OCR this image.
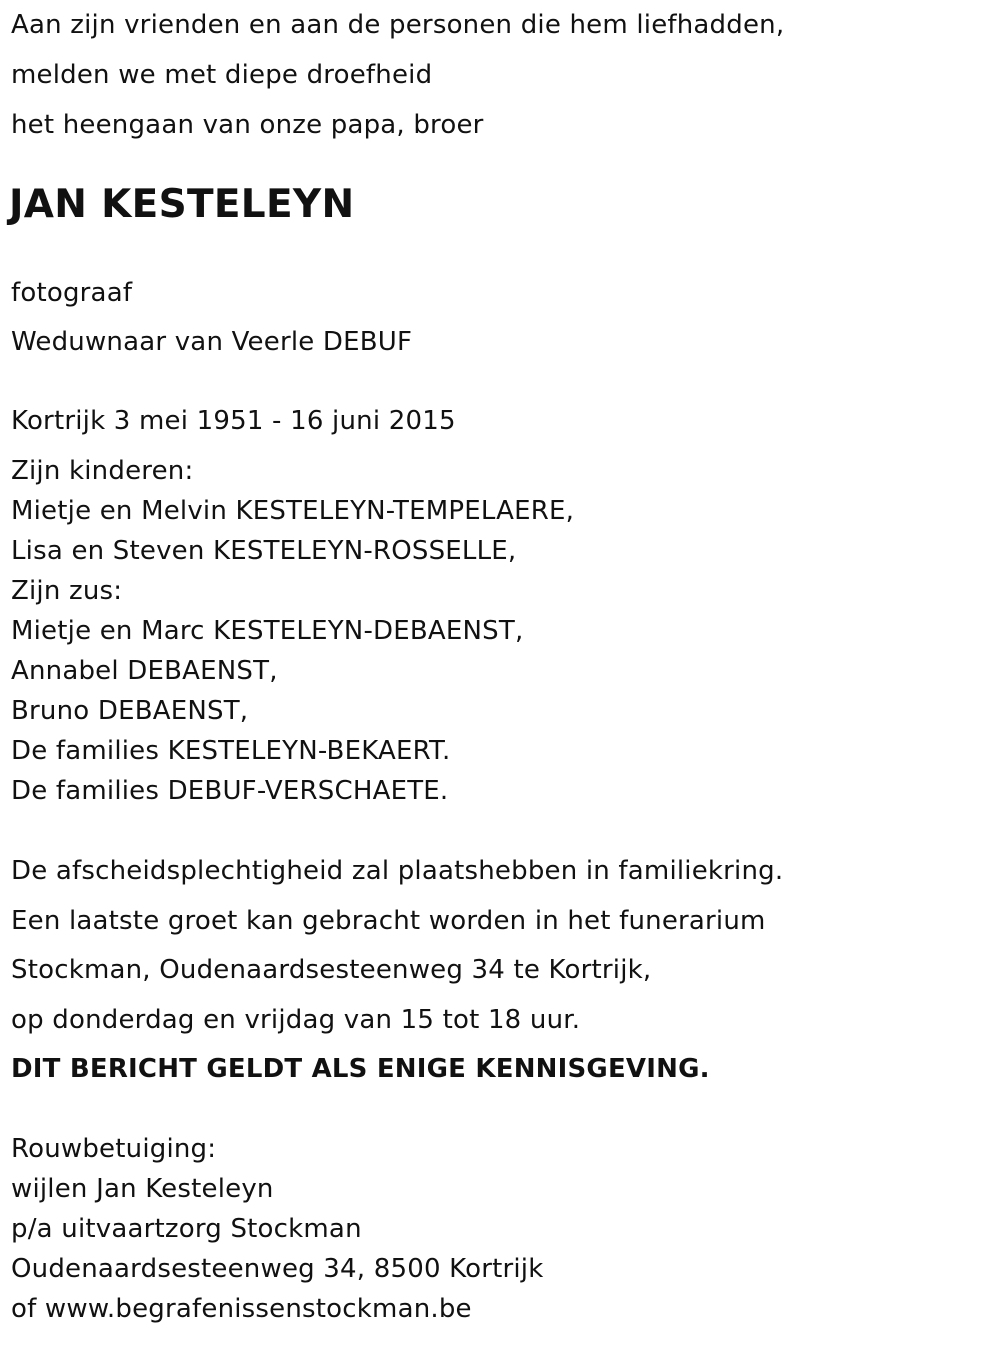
Aan zijn vrienden en aan de personen die hem liefhadden,
melden we met diepe droefheid
het heengaan van onze papa, broer
JAN KESTELEYN
fotograaf
Weduwnaar van Veerle DEBUF
Kortrijk 3 mei 1951 - 16 juni 2015
Zijn kinderen:
Mietje en Melvin KESTELEYN-TEMPELAERE,
Lisa en Steven KESTELEYN-ROSSELLE,
Zijn zus:
Mietje en Marc KESTELEYN-DEBAENST,
Annabel DEBAENST,
Bruno DEBAENST,
De families KESTELEYN-BEKAERT.
De families DEBUF-VERSCHAETE.
De afscheidsplechtigheid zal plaatshebben in familiekring.
Een laatste groet kan gebracht worden in het funerarium
Stockman, Oudenaardsesteenweg 34 te Kortrijk,
op donderdag en vrijdag van 15 tot 18 uur.
DIT BERICHT GELDT ALS ENIGE KENNISGEVING.
Rouwbetuiging:
wijlen Jan Kesteleyn
p/a uitvaartzorg Stockman
Oudenaardsesteenweg 34, 8500 Kortrijk
of www.begrafenissenstockman.be
